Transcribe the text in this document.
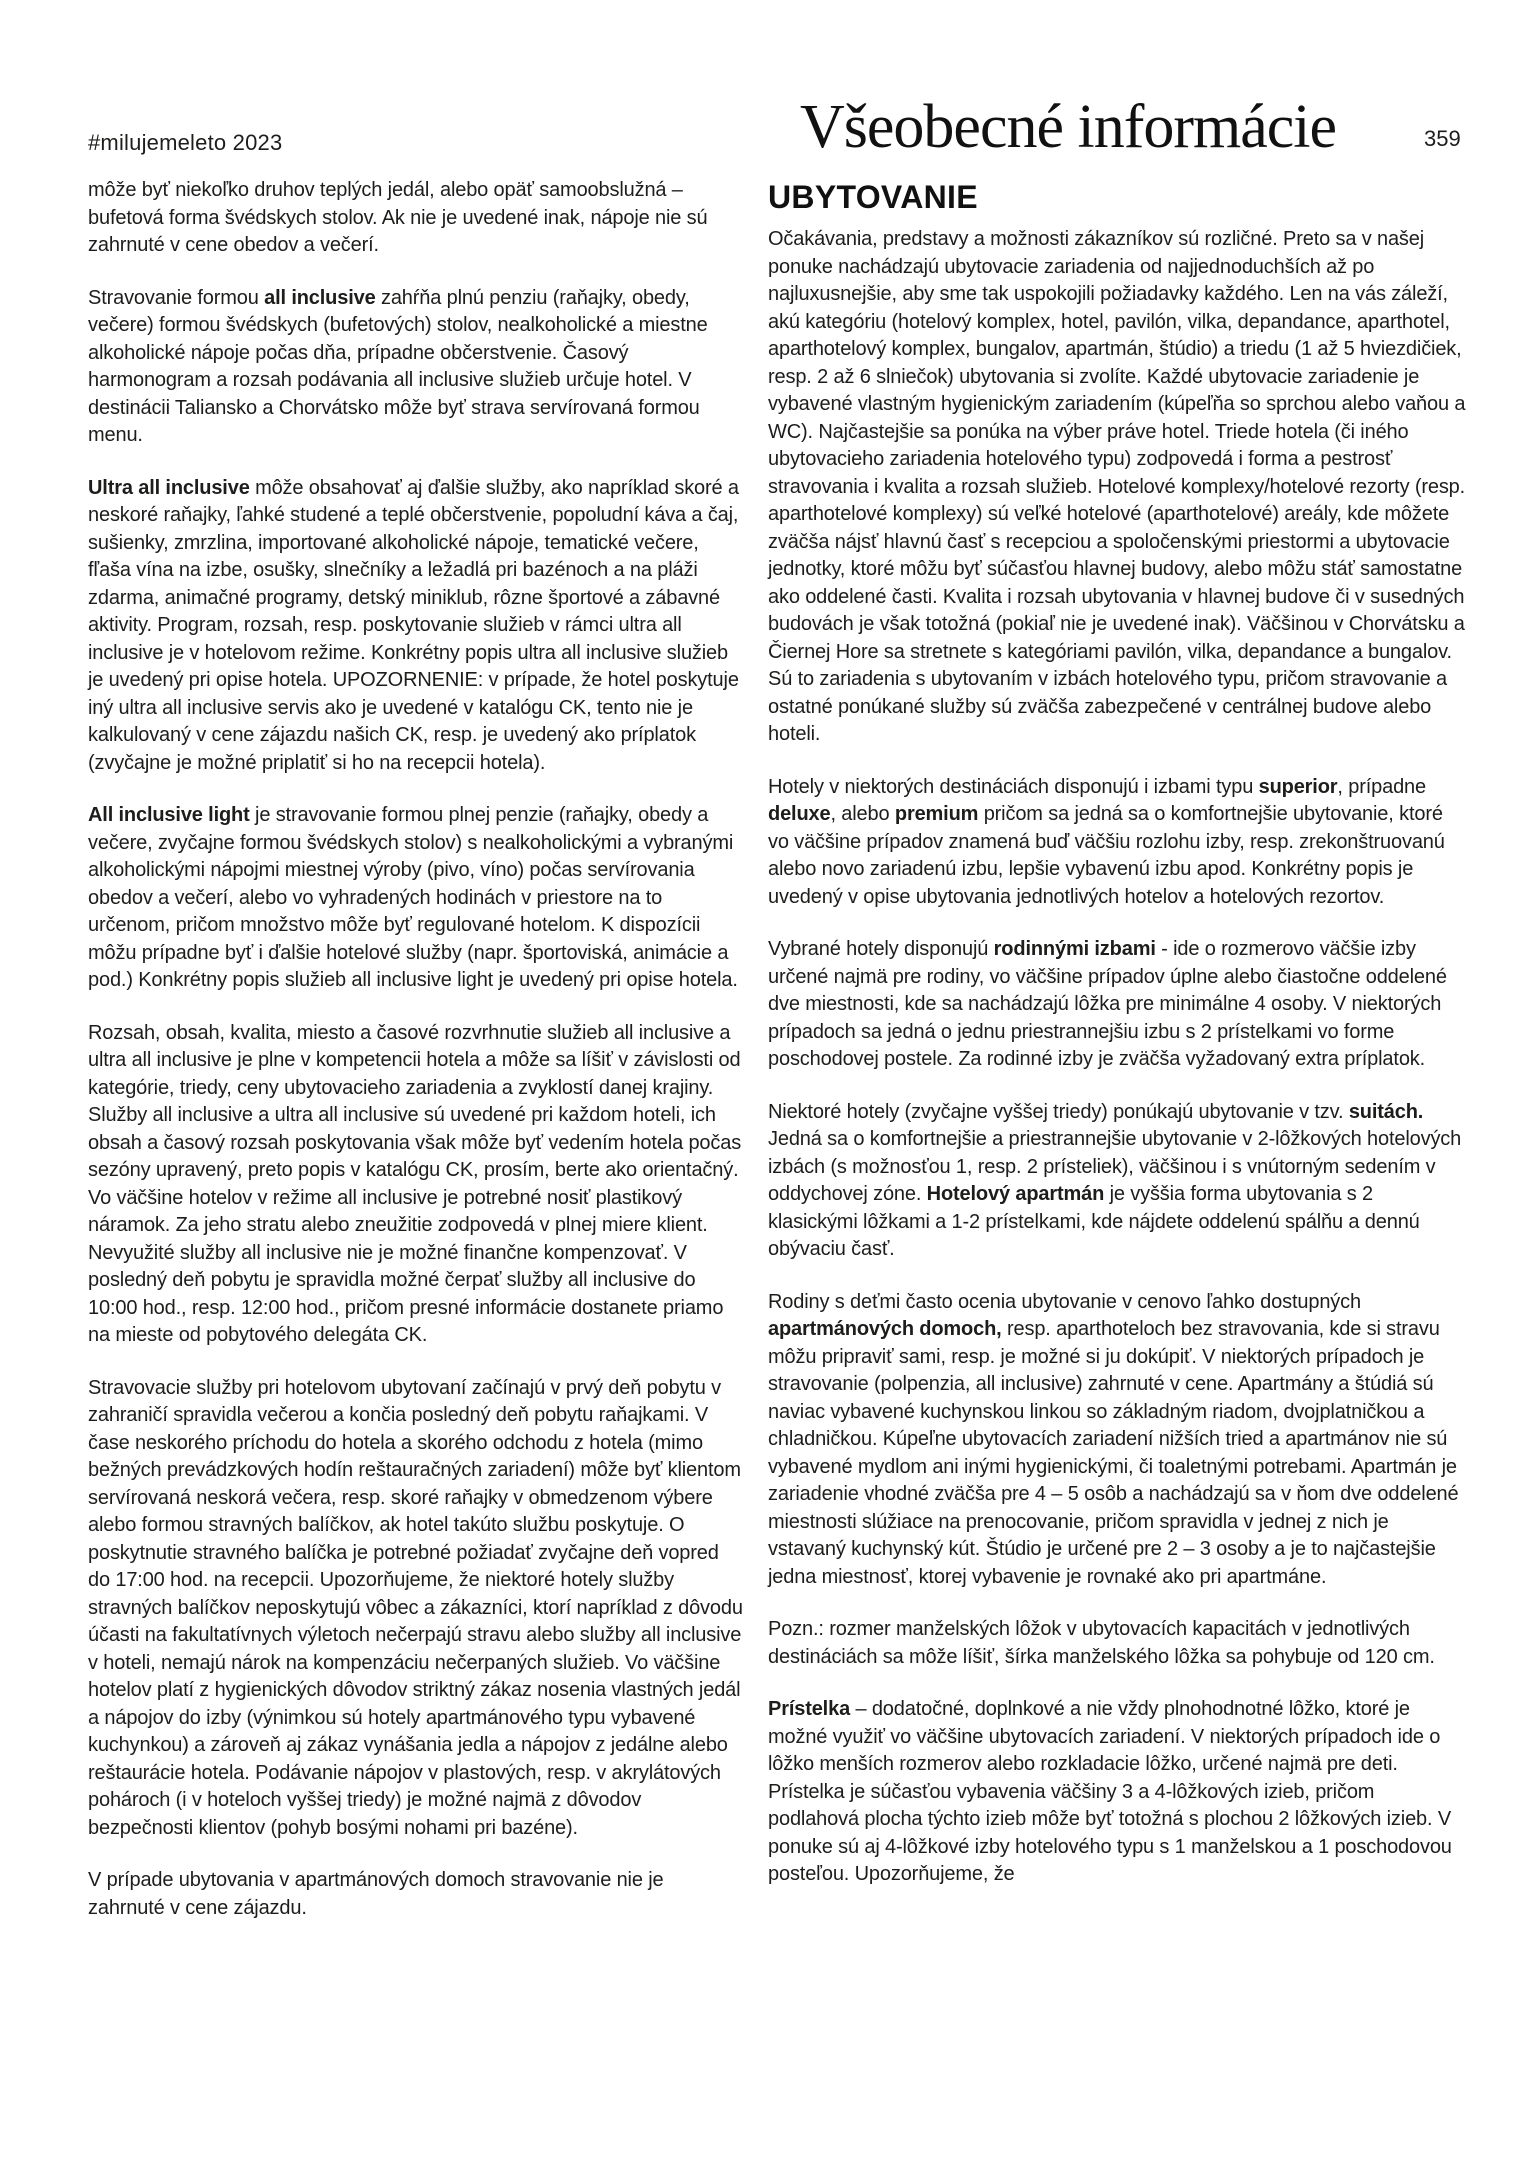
#milujemeleto 2023	Všeobecné informácie	359

môže byť niekoľko druhov teplých jedál, alebo opäť samoobslužná – bufetová forma švédskych stolov. Ak nie je uvedené inak, nápoje nie sú zahrnuté v cene obedov a večerí.

Stravovanie formou all inclusive zahŕňa plnú penziu (raňajky, obedy, večere) formou švédskych (bufetových) stolov, nealkoholické a miestne alkoholické nápoje počas dňa, prípadne občerstvenie. Časový harmonogram a rozsah podávania all inclusive služieb určuje hotel. V destinácii Taliansko a Chorvátsko môže byť strava servírovaná formou menu.

Ultra all inclusive môže obsahovať aj ďalšie služby, ako napríklad skoré a neskoré raňajky, ľahké studené a teplé občerstvenie, popoludní káva a čaj, sušienky, zmrzlina, importované alkoholické nápoje, tematické večere, fľaša vína na izbe, osušky, slnečníky a ležadlá pri bazénoch a na pláži zdarma, animačné programy, detský miniklub, rôzne športové a zábavné aktivity. Program, rozsah, resp. poskytovanie služieb v rámci ultra all inclusive je v hotelovom režime. Konkrétny popis ultra all inclusive služieb je uvedený pri opise hotela. UPOZORNENIE: v prípade, že hotel poskytuje iný ultra all inclusive servis ako je uvedené v katalógu CK, tento nie je kalkulovaný v cene zájazdu našich CK, resp. je uvedený ako príplatok (zvyčajne je možné priplatiť si ho na recepcii hotela).

All inclusive light je stravovanie formou plnej penzie (raňajky, obedy a večere, zvyčajne formou švédskych stolov) s nealkoholickými a vybranými alkoholickými nápojmi miestnej výroby (pivo, víno) počas servírovania obedov a večerí, alebo vo vyhradených hodinách v priestore na to určenom, pričom množstvo môže byť regulované hotelom. K dispozícii môžu prípadne byť i ďalšie hotelové služby (napr. športoviská, animácie a pod.) Konkrétny popis služieb all inclusive light je uvedený pri opise hotela.

Rozsah, obsah, kvalita, miesto a časové rozvrhnutie služieb all inclusive a ultra all inclusive je plne v kompetencii hotela a môže sa líšiť v závislosti od kategórie, triedy, ceny ubytovacieho zariadenia a zvyklostí danej krajiny. Služby all inclusive a ultra all inclusive sú uvedené pri každom hoteli, ich obsah a časový rozsah poskytovania však môže byť vedením hotela počas sezóny upravený, preto popis v katalógu CK, prosím, berte ako orientačný. Vo väčšine hotelov v režime all inclusive je potrebné nosiť plastikový náramok. Za jeho stratu alebo zneužitie zodpovedá v plnej miere klient. Nevyužité služby all inclusive nie je možné finančne kompenzovať. V posledný deň pobytu je spravidla možné čerpať služby all inclusive do 10:00 hod., resp. 12:00 hod., pričom presné informácie dostanete priamo na mieste od pobytového delegáta CK.

Stravovacie služby pri hotelovom ubytovaní začínajú v prvý deň pobytu v zahraničí spravidla večerou a končia posledný deň pobytu raňajkami. V čase neskorého príchodu do hotela a skorého odchodu z hotela (mimo bežných prevádzkových hodín reštauračných zariadení) môže byť klientom servírovaná neskorá večera, resp. skoré raňajky v obmedzenom výbere alebo formou stravných balíčkov, ak hotel takúto službu poskytuje. O poskytnutie stravného balíčka je potrebné požiadať zvyčajne deň vopred do 17:00 hod. na recepcii. Upozorňujeme, že niektoré hotely služby stravných balíčkov neposkytujú vôbec a zákazníci, ktorí napríklad z dôvodu účasti na fakultatívnych výletoch nečerpajú stravu alebo služby all inclusive v hoteli, nemajú nárok na kompenzáciu nečerpaných služieb. Vo väčšine hotelov platí z hygienických dôvodov striktný zákaz nosenia vlastných jedál a nápojov do izby (výnimkou sú hotely apartmánového typu vybavené kuchynkou) a zároveň aj zákaz vynášania jedla a nápojov z jedálne alebo reštaurácie hotela. Podávanie nápojov v plastových, resp. v akrylátových pohároch (i v hoteloch vyššej triedy) je možné najmä z dôvodov bezpečnosti klientov (pohyb bosými nohami pri bazéne).

V prípade ubytovania v apartmánových domoch stravovanie nie je zahrnuté v cene zájazdu.

UBYTOVANIE

Očakávania, predstavy a možnosti zákazníkov sú rozličné. Preto sa v našej ponuke nachádzajú ubytovacie zariadenia od najjednoduchších až po najluxusnejšie, aby sme tak uspokojili požiadavky každého. Len na vás záleží, akú kategóriu (hotelový komplex, hotel, pavilón, vilka, depandance, aparthotel, aparthotelový komplex, bungalov, apartmán, štúdio) a triedu (1 až 5 hviezdičiek, resp. 2 až 6 slniečok) ubytovania si zvolíte. Každé ubytovacie zariadenie je vybavené vlastným hygienickým zariadením (kúpeľňa so sprchou alebo vaňou a WC). Najčastejšie sa ponúka na výber práve hotel. Triede hotela (či iného ubytovacieho zariadenia hotelového typu) zodpovedá i forma a pestrosť stravovania i kvalita a rozsah služieb. Hotelové komplexy/hotelové rezorty (resp. aparthotelové komplexy) sú veľké hotelové (aparthotelové) areály, kde môžete zväčša nájsť hlavnú časť s recepciou a spoločenskými priestormi a ubytovacie jednotky, ktoré môžu byť súčasťou hlavnej budovy, alebo môžu stáť samostatne ako oddelené časti. Kvalita i rozsah ubytovania v hlavnej budove či v susedných budovách je však totožná (pokiaľ nie je uvedené inak). Väčšinou v Chorvátsku a Čiernej Hore sa stretnete s kategóriami pavilón, vilka, depandance a bungalov. Sú to zariadenia s ubytovaním v izbách hotelového typu, pričom stravovanie a ostatné ponúkané služby sú zväčša zabezpečené v centrálnej budove alebo hoteli.

Hotely v niektorých destináciách disponujú i izbami typu superior, prípadne deluxe, alebo premium pričom sa jedná sa o komfortnejšie ubytovanie, ktoré vo väčšine prípadov znamená buď väčšiu rozlohu izby, resp. zrekonštruovanú alebo novo zariadenú izbu, lepšie vybavenú izbu apod. Konkrétny popis je uvedený v opise ubytovania jednotlivých hotelov a hotelových rezortov.

Vybrané hotely disponujú rodinnými izbami - ide o rozmerovo väčšie izby určené najmä pre rodiny, vo väčšine prípadov úplne alebo čiastočne oddelené dve miestnosti, kde sa nachádzajú lôžka pre minimálne 4 osoby. V niektorých prípadoch sa jedná o jednu priestrannejšiu izbu s 2 prístelkami vo forme poschodovej postele. Za rodinné izby je zväčša vyžadovaný extra príplatok.

Niektoré hotely (zvyčajne vyššej triedy) ponúkajú ubytovanie v tzv. suitách. Jedná sa o komfortnejšie a priestrannejšie ubytovanie v 2-lôžkových hotelových izbách (s možnosťou 1, resp. 2 prísteliek), väčšinou i s vnútorným sedením v oddychovej zóne. Hotelový apartmán je vyššia forma ubytovania s 2 klasickými lôžkami a 1-2 prístelkami, kde nájdete oddelenú spálňu a dennú obývaciu časť.

Rodiny s deťmi často ocenia ubytovanie v cenovo ľahko dostupných apartmánových domoch, resp. aparthoteloch bez stravovania, kde si stravu môžu pripraviť sami, resp. je možné si ju dokúpiť. V niektorých prípadoch je stravovanie (polpenzia, all inclusive) zahrnuté v cene. Apartmány a štúdiá sú naviac vybavené kuchynskou linkou so základným riadom, dvojplatničkou a chladničkou. Kúpeľne ubytovacích zariadení nižších tried a apartmánov nie sú vybavené mydlom ani inými hygienickými, či toaletnými potrebami. Apartmán je zariadenie vhodné zväčša pre 4 – 5 osôb a nachádzajú sa v ňom dve oddelené miestnosti slúžiace na prenocovanie, pričom spravidla v jednej z nich je vstavaný kuchynský kút. Štúdio je určené pre 2 – 3 osoby a je to najčastejšie jedna miestnosť, ktorej vybavenie je rovnaké ako pri apartmáne.

Pozn.: rozmer manželských lôžok v ubytovacích kapacitách v jednotlivých destináciách sa môže líšiť, šírka manželského lôžka sa pohybuje od 120 cm.

Prístelka – dodatočné, doplnkové a nie vždy plnohodnotné lôžko, ktoré je možné využiť vo väčšine ubytovacích zariadení. V niektorých prípadoch ide o lôžko menších rozmerov alebo rozkladacie lôžko, určené najmä pre deti. Prístelka je súčasťou vybavenia väčšiny 3 a 4-lôžkových izieb, pričom podlahová plocha týchto izieb môže byť totožná s plochou 2 lôžkových izieb. V ponuke sú aj 4-lôžkové izby hotelového typu s 1 manželskou a 1 poschodovou posteľou. Upozorňujeme, že
